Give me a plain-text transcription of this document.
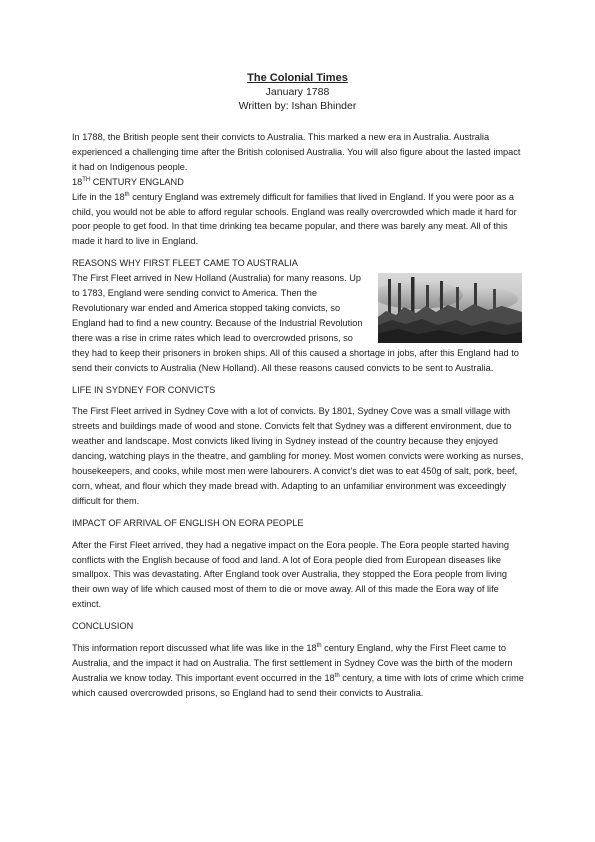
The Colonial Times
January 1788
Written by: Ishan Bhinder

In 1788, the British people sent their convicts to Australia. This marked a new era in Australia. Australia experienced a challenging time after the British colonised Australia. You will also figure about the lasted impact it had on Indigenous people.

18TH CENTURY ENGLAND

Life in the 18th century England was extremely difficult for families that lived in England. If you were poor as a child, you would not be able to afford regular schools. England was really overcrowded which made it hard for poor people to get food. In that time drinking tea became popular, and there was barely any meat. All of this made it hard to live in England.

REASONS WHY FIRST FLEET CAME TO AUSTRALIA

The First Fleet arrived in New Holland (Australia) for many reasons. Up to 1783, England were sending convict to America. Then the Revolutionary war ended and America stopped taking convicts, so England had to find a new country. Because of the Industrial Revolution there was a rise in crime rates which lead to overcrowded prisons, so they had to keep their prisoners in broken ships. All of this caused a shortage in jobs, after this England had to send their convicts to Australia (New Holland). All these reasons caused convicts to be sent to Australia.

LIFE IN SYDNEY FOR CONVICTS

The First Fleet arrived in Sydney Cove with a lot of convicts. By 1801, Sydney Cove was a small village with streets and buildings made of wood and stone. Convicts felt that Sydney was a different environment, due to weather and landscape. Most convicts liked living in Sydney instead of the country because they enjoyed dancing, watching plays in the theatre, and gambling for money. Most women convicts were working as nurses, housekeepers, and cooks, while most men were labourers. A convict’s diet was to eat 450g of salt, pork, beef, corn, wheat, and flour which they made bread with. Adapting to an unfamiliar environment was exceedingly difficult for them.

IMPACT OF ARRIVAL OF ENGLISH ON EORA PEOPLE

After the First Fleet arrived, they had a negative impact on the Eora people. The Eora people started having conflicts with the English because of food and land. A lot of Eora people died from European diseases like smallpox. This was devastating. After England took over Australia, they stopped the Eora people from living their own way of life which caused most of them to die or move away. All of this made the Eora way of life extinct.

CONCLUSION

This information report discussed what life was like in the 18th century England, why the First Fleet came to Australia, and the impact it had on Australia. The first settlement in Sydney Cove was the birth of the modern Australia we know today. This important event occurred in the 18th century, a time with lots of crime which crime which caused overcrowded prisons, so England had to send their convicts to Australia.
